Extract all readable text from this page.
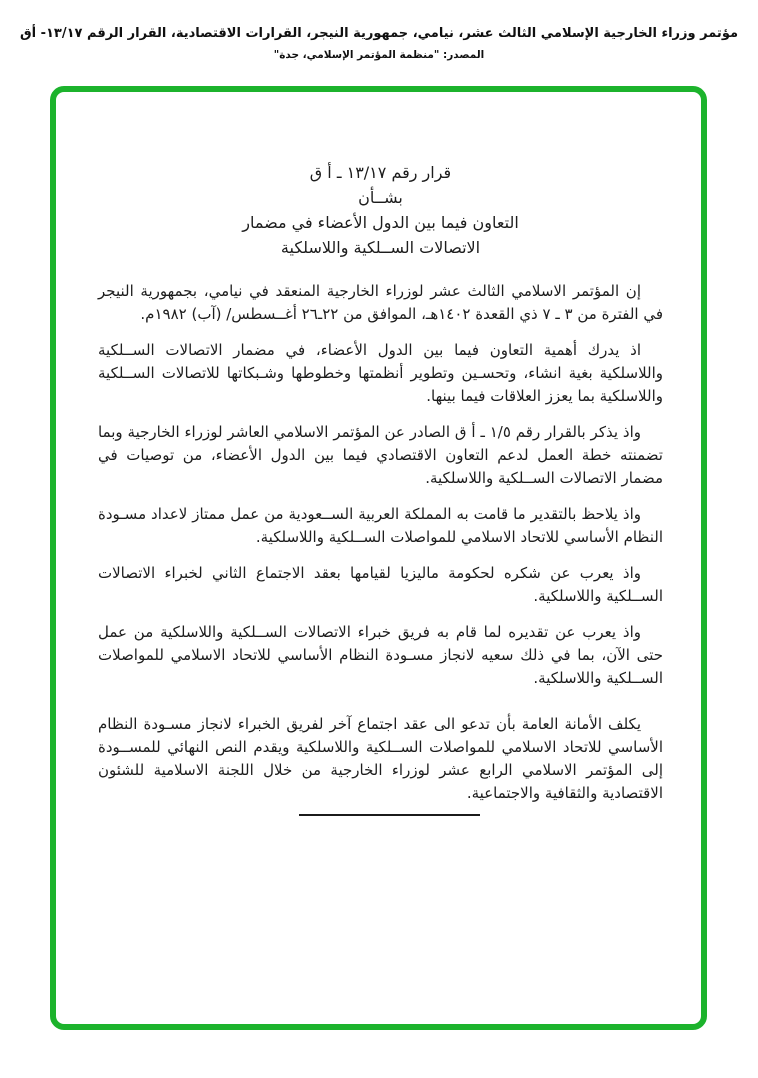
مؤتمر وزراء الخارجية الإسلامي الثالث عشر، نيامي، جمهورية النيجر، القرارات الاقتصادية، القرار الرقم ١٣/١٧- أق
المصدر: "منظمة المؤتمر الإسلامي، جدة"
قرار رقم ١٣/١٧ ـ أ ق
بشــأن
التعاون فيما بين الدول الأعضاء في مضمار
الاتصالات الســلكية واللاسلكية

إن المؤتمر الاسلامي الثالث عشر لوزراء الخارجية المنعقد في نيامي، بجمهورية النيجر في الفترة من ٣ ـ ٧ ذي القعدة ١٤٠٢هـ، الموافق من ٢٢ـ٢٦ أغــسطس/ (آب) ١٩٨٢م.

اذ يدرك أهمية التعاون فيما بين الدول الأعضاء، في مضمار الاتصالات الســلكية واللاسلكية بغية انشاء، وتحسـين وتطوير أنظمتها وخطوطها وشـبكاتها للاتصالات الســلكية واللاسلكية بما يعزز العلاقات فيما بينها.

واذ يذكر بالقرار رقم ١/٥ ـ أ ق الصادر عن المؤتمر الاسلامي العاشر لوزراء الخارجية وبما تضمنته خطة العمل لدعم التعاون الاقتصادي فيما بين الدول الأعضاء، من توصيات في مضمار الاتصالات الســلكية واللاسلكية.

واذ يلاحظ بالتقدير ما قامت به المملكة العربية الســعودية من عمل ممتاز لاعداد مسـودة النظام الأساسي للاتحاد الاسلامي للمواصلات الســلكية واللاسلكية.

واذ يعرب عن شكره لحكومة ماليزيا لقيامها بعقد الاجتماع الثاني لخبراء الاتصالات الســلكية واللاسلكية.

واذ يعرب عن تقديره لما قام به فريق خبراء الاتصالات الســلكية واللاسلكية من عمل حتى الآن، بما في ذلك سعيه لانجاز مسـودة النظام الأساسي للاتحاد الاسلامي للمواصلات الســلكية واللاسلكية.

يكلف الأمانة العامة بأن تدعو الى عقد اجتماع آخر لفريق الخبراء لانجاز مسـودة النظام الأساسي للاتحاد الاسلامي للمواصلات الســلكية واللاسلكية ويقدم النص النهائي للمســودة إلى المؤتمر الاسلامي الرابع عشر لوزراء الخارجية من خلال اللجنة الاسلامية للشئون الاقتصادية والثقافية والاجتماعية.
